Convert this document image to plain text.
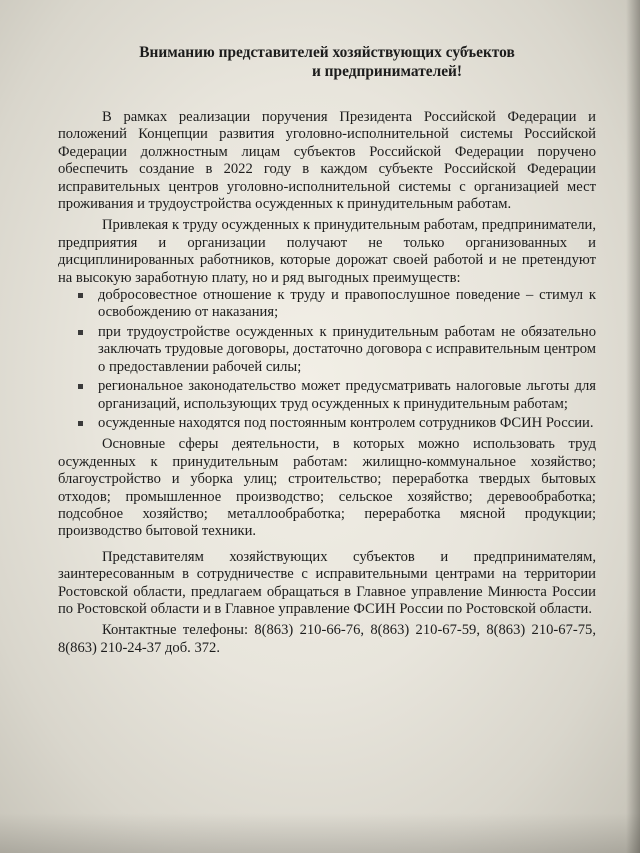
Вниманию представителей хозяйствующих субъектов
и предпринимателей!

В рамках реализации поручения Президента Российской Федерации и положений Концепции развития уголовно-исполнительной системы Российской Федерации должностным лицам субъектов Российской Федерации поручено обеспечить создание в 2022 году в каждом субъекте Российской Федерации исправительных центров уголовно-исполнительной системы с организацией мест проживания и трудоустройства осужденных к принудительным работам.

Привлекая к труду осужденных к принудительным работам, предприниматели, предприятия и организации получают не только организованных и дисциплинированных работников, которые дорожат своей работой и не претендуют на высокую заработную плату, но и ряд выгодных преимуществ:

добросовестное отношение к труду и правопослушное поведение – стимул к освобождению от наказания;
при трудоустройстве осужденных к принудительным работам не обязательно заключать трудовые договоры, достаточно договора с исправительным центром о предоставлении рабочей силы;
региональное законодательство может предусматривать налоговые льготы для организаций, использующих труд осужденных к принудительным работам;
осужденные находятся под постоянным контролем сотрудников ФСИН России.

Основные сферы деятельности, в которых можно использовать труд осужденных к принудительным работам: жилищно-коммунальное хозяйство; благоустройство и уборка улиц; строительство; переработка твердых бытовых отходов; промышленное производство; сельское хозяйство; деревообработка; подсобное хозяйство; металлообработка; переработка мясной продукции; производство бытовой техники.

Представителям хозяйствующих субъектов и предпринимателям, заинтересованным в сотрудничестве с исправительными центрами на территории Ростовской области, предлагаем обращаться в Главное управление Минюста России по Ростовской области и в Главное управление ФСИН России по Ростовской области.

Контактные телефоны: 8(863) 210-66-76, 8(863) 210-67-59, 8(863) 210-67-75, 8(863) 210-24-37 доб. 372.
